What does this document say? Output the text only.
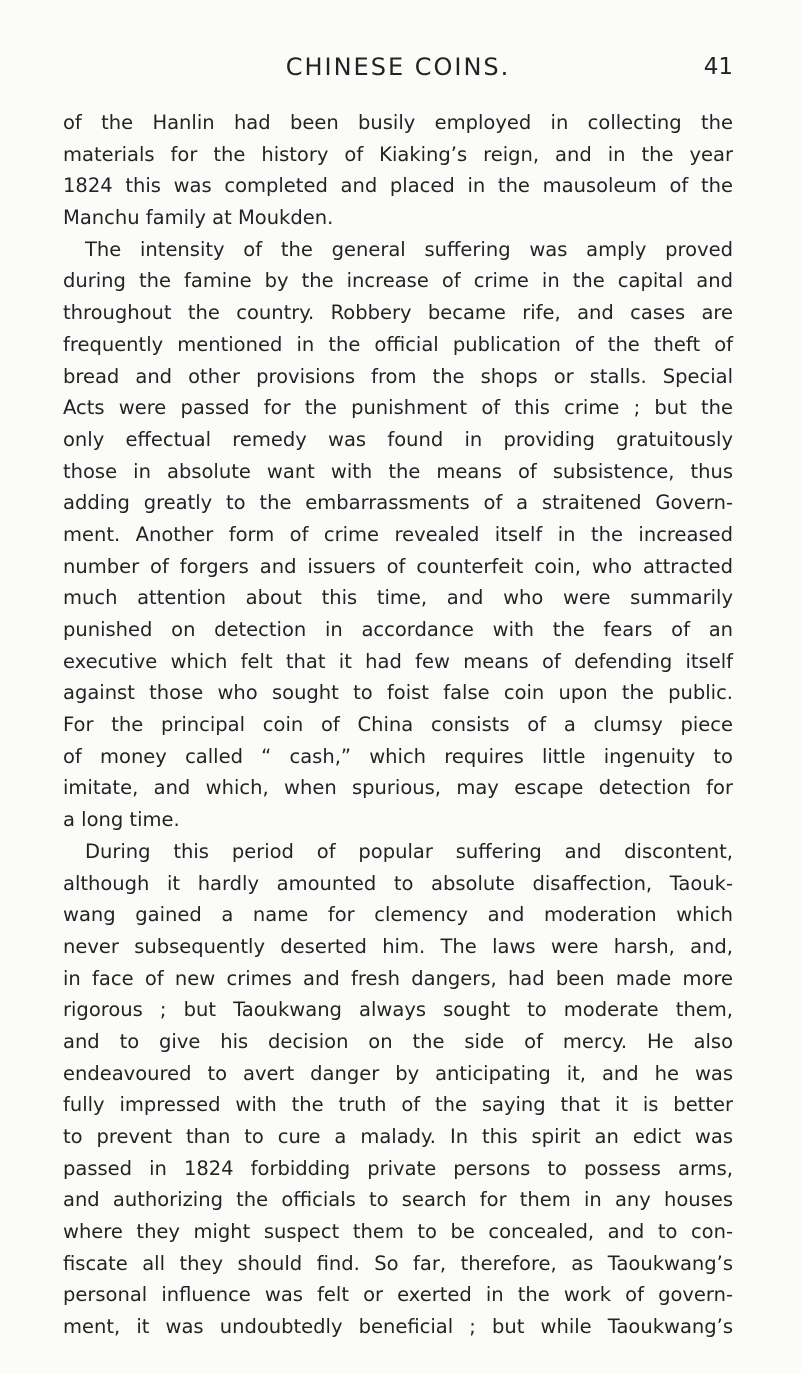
CHINESE COINS.	41
of the Hanlin had been busily employed in collecting the
materials for the history of Kiaking’s reign, and in the year
1824 this was completed and placed in the mausoleum of the
Manchu family at Moukden.
The intensity of the general suffering was amply proved
during the famine by the increase of crime in the capital and
throughout the country. Robbery became rife, and cases are
frequently mentioned in the official publication of the theft of
bread and other provisions from the shops or stalls. Special
Acts were passed for the punishment of this crime ; but the
only effectual remedy was found in providing gratuitously
those in absolute want with the means of subsistence, thus
adding greatly to the embarrassments of a straitened Govern-
ment. Another form of crime revealed itself in the increased
number of forgers and issuers of counterfeit coin, who attracted
much attention about this time, and who were summarily
punished on detection in accordance with the fears of an
executive which felt that it had few means of defending itself
against those who sought to foist false coin upon the public.
For the principal coin of China consists of a clumsy piece
of money called “ cash,” which requires little ingenuity to
imitate, and which, when spurious, may escape detection for
a long time.
During this period of popular suffering and discontent,
although it hardly amounted to absolute disaffection, Taouk-
wang gained a name for clemency and moderation which
never subsequently deserted him. The laws were harsh, and,
in face of new crimes and fresh dangers, had been made more
rigorous ; but Taoukwang always sought to moderate them,
and to give his decision on the side of mercy. He also
endeavoured to avert danger by anticipating it, and he was
fully impressed with the truth of the saying that it is better
to prevent than to cure a malady. In this spirit an edict was
passed in 1824 forbidding private persons to possess arms,
and authorizing the officials to search for them in any houses
where they might suspect them to be concealed, and to con-
fiscate all they should find. So far, therefore, as Taoukwang’s
personal influence was felt or exerted in the work of govern-
ment, it was undoubtedly beneficial ; but while Taoukwang’s
